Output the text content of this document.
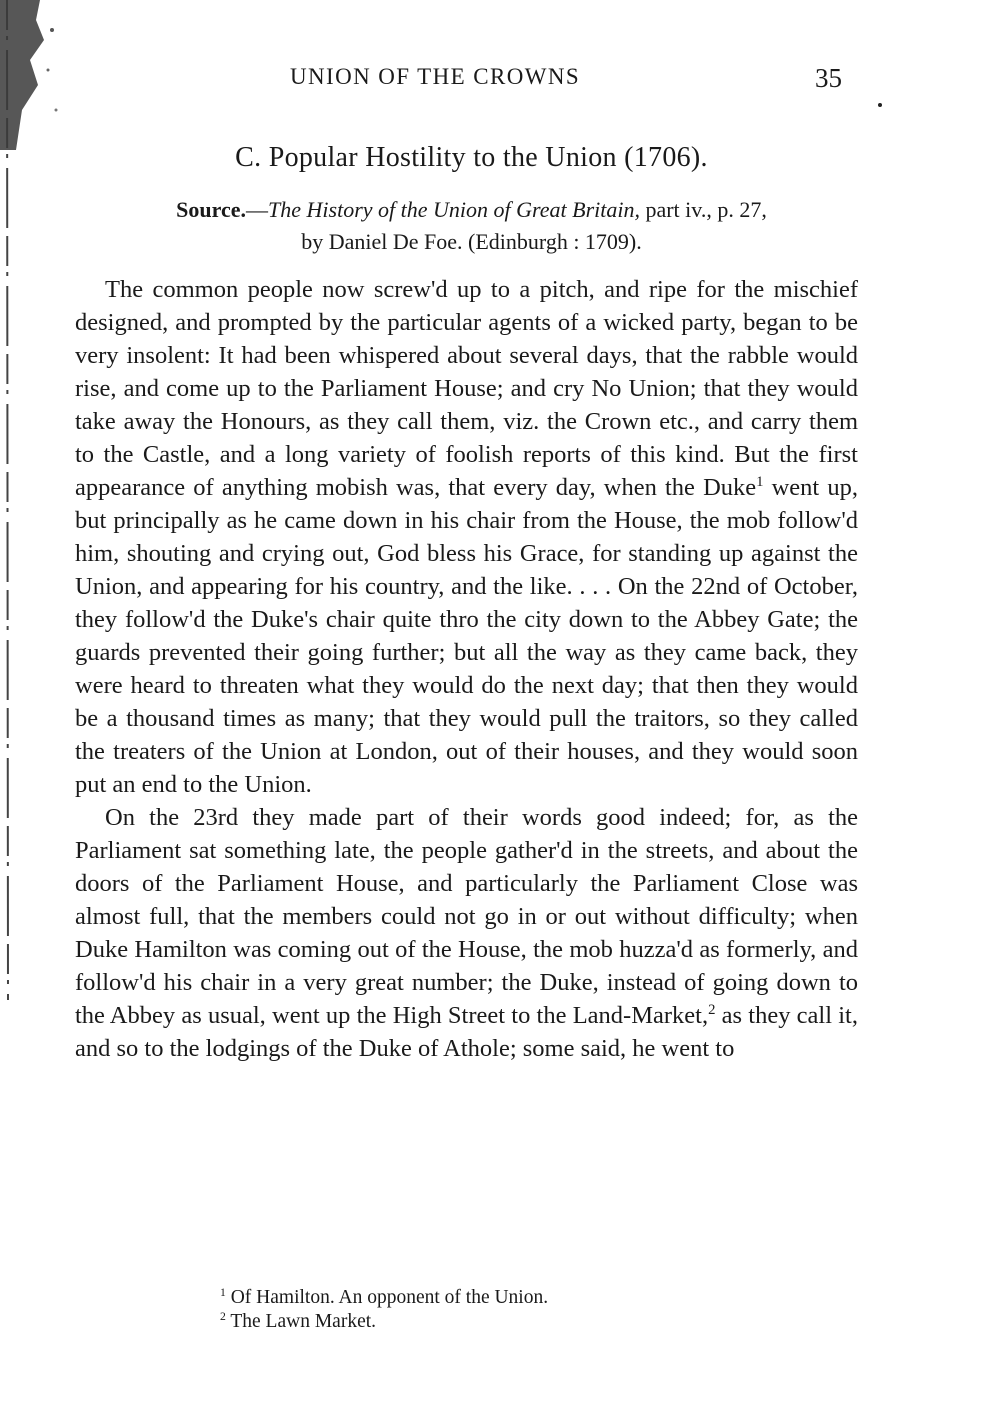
UNION OF THE CROWNS	35
C. Popular Hostility to the Union (1706).
Source.—The History of the Union of Great Britain, part iv., p. 27,
by Daniel De Foe. (Edinburgh : 1709).

The common people now screw'd up to a pitch, and ripe for the mischief designed, and prompted by the particular agents of a wicked party, began to be very insolent: It had been whispered about several days, that the rabble would rise, and come up to the Parliament House; and cry No Union; that they would take away the Honours, as they call them, viz. the Crown etc., and carry them to the Castle, and a long variety of foolish reports of this kind. But the first appearance of anything mobish was, that every day, when the Duke$^1$ went up, but principally as he came down in his chair from the House, the mob follow'd him, shouting and crying out, God bless his Grace, for standing up against the Union, and appearing for his country, and the like. . . . On the 22nd of October, they follow'd the Duke's chair quite thro the city down to the Abbey Gate; the guards prevented their going further; but all the way as they came back, they were heard to threaten what they would do the next day; that then they would be a thousand times as many; that they would pull the traitors, so they called the treaters of the Union at London, out of their houses, and they would soon put an end to the Union.

On the 23rd they made part of their words good indeed; for, as the Parliament sat something late, the people gather'd in the streets, and about the doors of the Parliament House, and particularly the Parliament Close was almost full, that the members could not go in or out without difficulty; when Duke Hamilton was coming out of the House, the mob huzza'd as formerly, and follow'd his chair in a very great number; the Duke, instead of going down to the Abbey as usual, went up the High Street to the Land-Market,$^2$ as they call it, and so to the lodgings of the Duke of Athole; some said, he went to

$^1$ Of Hamilton. An opponent of the Union.
$^2$ The Lawn Market.
